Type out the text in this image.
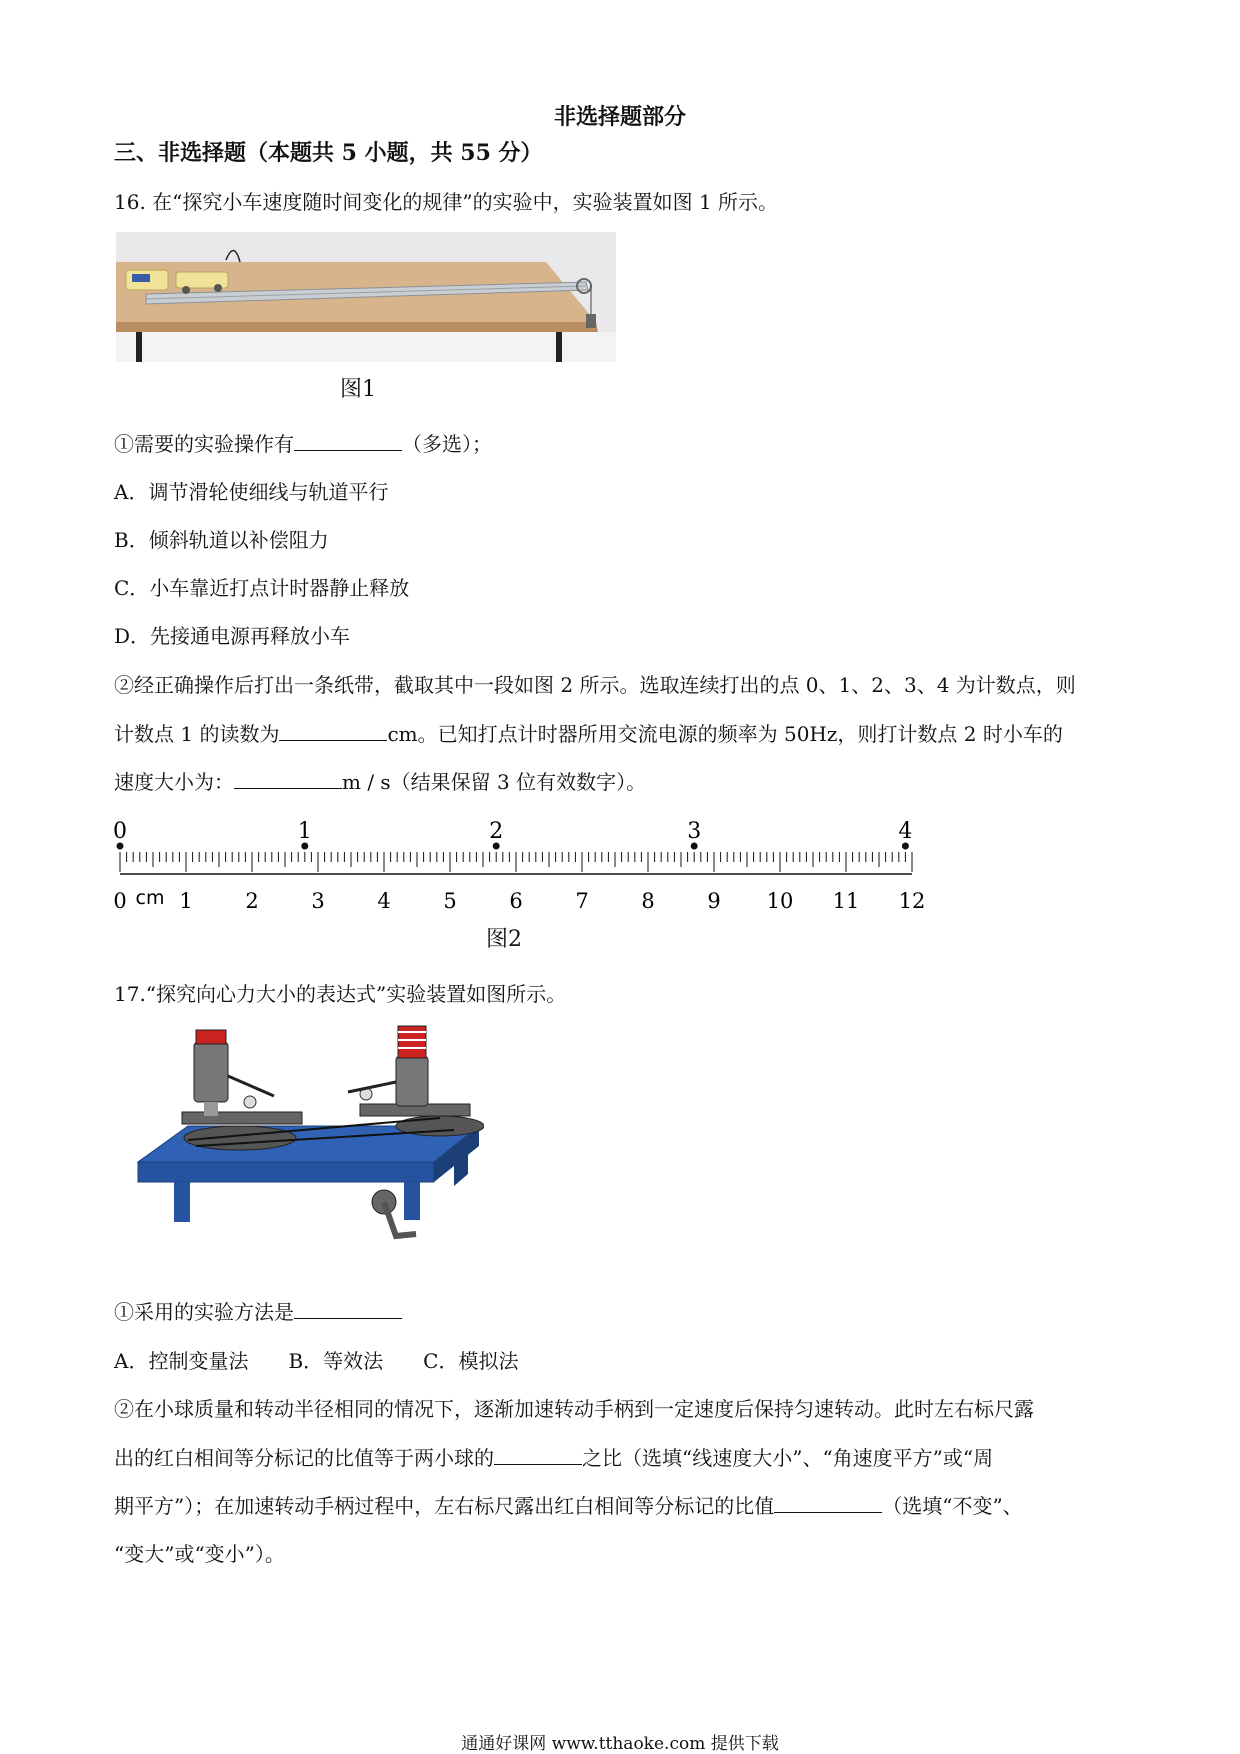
非选择题部分
三、非选择题（本题共 5 小题，共 55 分）
16. 在“探究小车速度随时间变化的规律”的实验中，实验装置如图 1 所示。
图1
①需要的实验操作有	（多选）；
A．调节滑轮使细线与轨道平行
B．倾斜轨道以补偿阻力
C．小车靠近打点计时器静止释放
D．先接通电源再释放小车
②经正确操作后打出一条纸带，截取其中一段如图 2 所示。选取连续打出的点 0、1、2、3、4 为计数点，则
计数点 1 的读数为	cm。已知打点计时器所用交流电源的频率为 50Hz，则打计数点 2 时小车的
速度大小为：	m / s（结果保留 3 位有效数字）。
0	1	2	3	4	5	6	7	8	9 10 11 12
cm
0	1	2	3	4
图2
17.“探究向心力大小的表达式”实验装置如图所示。
①采用的实验方法是
A．控制变量法　　B．等效法　　C．模拟法
②在小球质量和转动半径相同的情况下，逐渐加速转动手柄到一定速度后保持匀速转动。此时左右标尺露
出的红白相间等分标记的比值等于两小球的	之比（选填“线速度大小”、“角速度平方”或“周
期平方”）；在加速转动手柄过程中，左右标尺露出红白相间等分标记的比值	（选填“不变”、
“变大”或“变小”）。
通通好课网 www.tthaoke.com 提供下载
